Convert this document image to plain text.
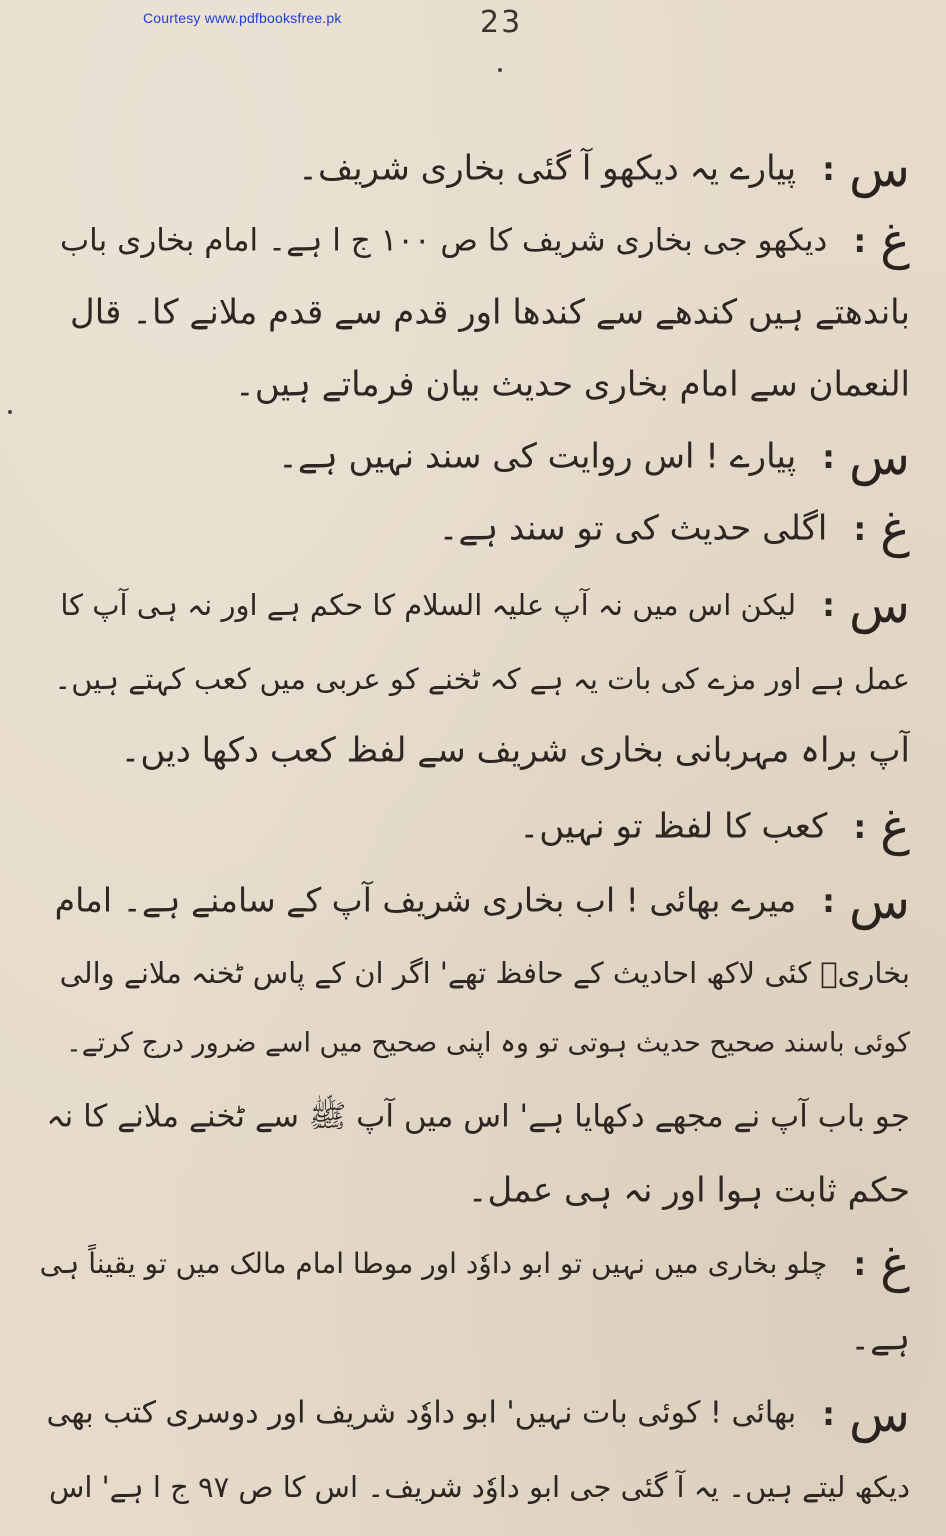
Courtesy www.pdfbooksfree.pk	23
س:پیارے یہ دیکھو آ گئی بخاری شریف۔
غ:دیکھو جی بخاری شریف کا ص ۱۰۰ ج ا ہے۔ امام بخاری باب
باندھتے ہیں کندھے سے کندھا اور قدم سے قدم ملانے کا۔ قال
النعمان سے امام بخاری حدیث بیان فرماتے ہیں۔
س:پیارے ! اس روایت کی سند نہیں ہے۔
غ:اگلی حدیث کی تو سند ہے۔
س:لیکن اس میں نہ آپ علیہ السلام کا حکم ہے اور نہ ہی آپ کا
عمل ہے اور مزے کی بات یہ ہے کہ ٹخنے کو عربی میں کعب کہتے ہیں۔
آپ براہ مہربانی بخاری شریف سے لفظ کعب دکھا دیں۔
غ:کعب کا لفظ تو نہیں۔
س:میرے بھائی ! اب بخاری شریف آپ کے سامنے ہے۔ امام
بخاریؒ کئی لاکھ احادیث کے حافظ تھے' اگر ان کے پاس ٹخنہ ملانے والی
کوئی باسند صحیح حدیث ہوتی تو وہ اپنی صحیح میں اسے ضرور درج کرتے۔
جو باب آپ نے مجھے دکھایا ہے' اس میں آپ ﷺ سے ٹخنے ملانے کا نہ
حکم ثابت ہوا اور نہ ہی عمل۔
غ:چلو بخاری میں نہیں تو ابو داوٗد اور موطا امام مالک میں تو یقیناً ہی
ہے۔
س:بھائی ! کوئی بات نہیں' ابو داوٗد شریف اور دوسری کتب بھی
دیکھ لیتے ہیں۔ یہ آ گئی جی ابو داوٗد شریف۔ اس کا ص ۹۷ ج ا ہے' اس
